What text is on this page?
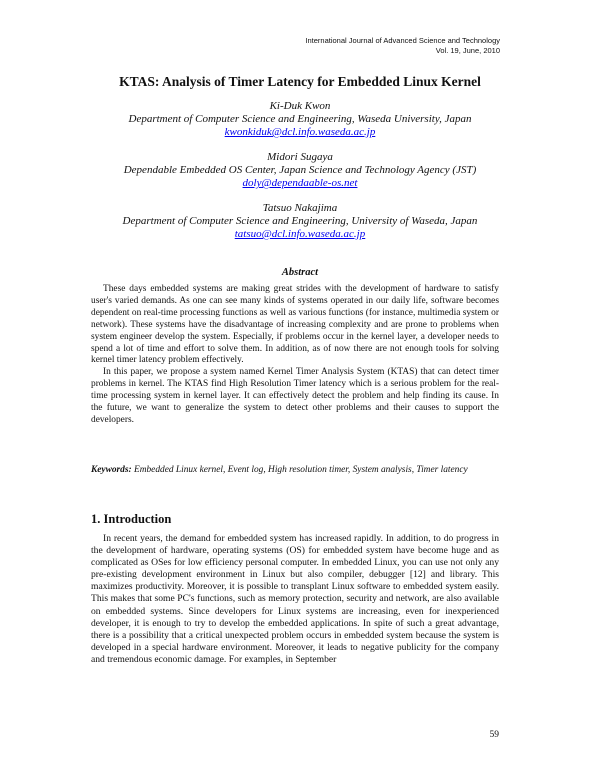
International Journal of Advanced Science and Technology
Vol. 19, June, 2010
KTAS: Analysis of Timer Latency for Embedded Linux Kernel
Ki-Duk Kwon
Department of Computer Science and Engineering, Waseda University, Japan
kwonkiduk@dcl.info.waseda.ac.jp
Midori Sugaya
Dependable Embedded OS Center, Japan Science and Technology Agency (JST)
doly@dependaable-os.net
Tatsuo Nakajima
Department of Computer Science and Engineering, University of Waseda, Japan
tatsuo@dcl.info.waseda.ac.jp
Abstract

These days embedded systems are making great strides with the development of hardware to satisfy user's varied demands. As one can see many kinds of systems operated in our daily life, software becomes dependent on real-time processing functions as well as various functions (for instance, multimedia system or network). These systems have the disadvantage of increasing complexity and are prone to problems when system engineer develop the system. Especially, if problems occur in the kernel layer, a developer needs to spend a lot of time and effort to solve them. In addition, as of now there are not enough tools for solving kernel timer latency problem effectively.

In this paper, we propose a system named Kernel Timer Analysis System (KTAS) that can detect timer problems in kernel. The KTAS find High Resolution Timer latency which is a serious problem for the real-time processing system in kernel layer. It can effectively detect the problem and help finding its cause. In the future, we want to generalize the system to detect other problems and their causes to support the developers.

Keywords: Embedded Linux kernel, Event log, High resolution timer, System analysis, Timer latency
1. Introduction
In recent years, the demand for embedded system has increased rapidly. In addition, to do progress in the development of hardware, operating systems (OS) for embedded system have become huge and as complicated as OSes for low efficiency personal computer. In embedded Linux, you can use not only any pre-existing development environment in Linux but also compiler, debugger [12] and library. This maximizes productivity. Moreover, it is possible to transplant Linux software to embedded system easily. This makes that some PC's functions, such as memory protection, security and network, are also available on embedded systems. Since developers for Linux systems are increasing, even for inexperienced developer, it is enough to try to develop the embedded applications. In spite of such a great advantage, there is a possibility that a critical unexpected problem occurs in embedded system because the system is developed in a special hardware environment. Moreover, it leads to negative publicity for the company and tremendous economic damage. For examples, in September
59
